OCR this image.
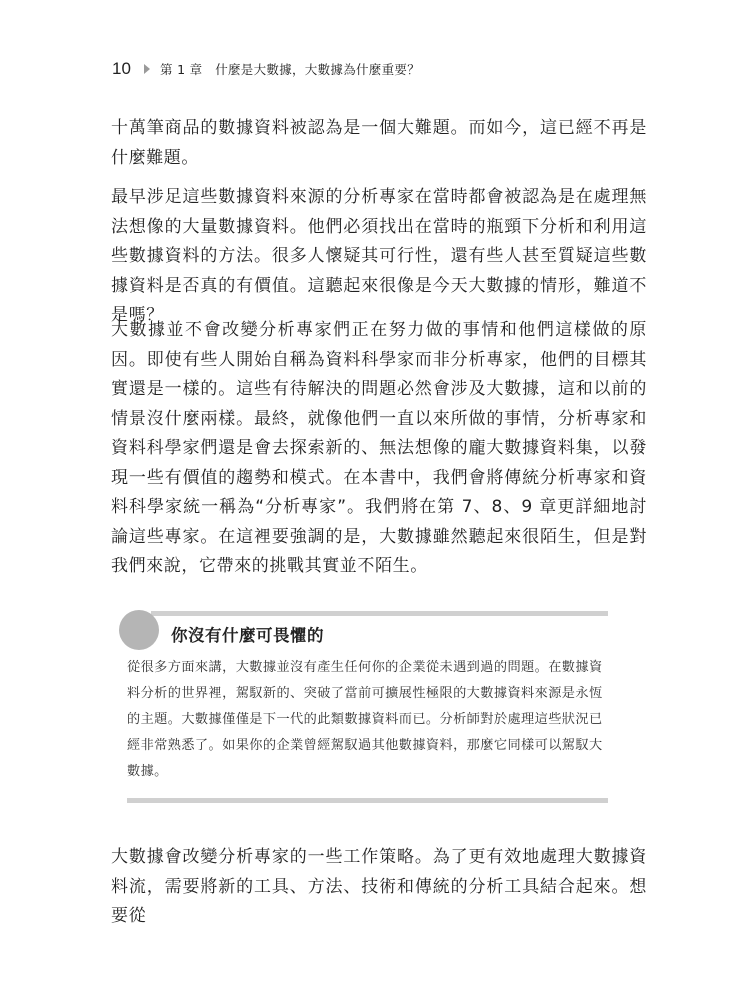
10	第 1 章　什麼是大數據，大數據為什麼重要？

十萬筆商品的數據資料被認為是一個大難題。而如今，這已經不再是什麼難題。

最早涉足這些數據資料來源的分析專家在當時都會被認為是在處理無法想像的大量數據資料。他們必須找出在當時的瓶頸下分析和利用這些數據資料的方法。很多人懷疑其可行性，還有些人甚至質疑這些數據資料是否真的有價值。這聽起來很像是今天大數據的情形，難道不是嗎？

大數據並不會改變分析專家們正在努力做的事情和他們這樣做的原因。即使有些人開始自稱為資料科學家而非分析專家，他們的目標其實還是一樣的。這些有待解決的問題必然會涉及大數據，這和以前的情景沒什麼兩樣。最終，就像他們一直以來所做的事情，分析專家和資料科學家們還是會去探索新的、無法想像的龐大數據資料集，以發現一些有價值的趨勢和模式。在本書中，我們會將傳統分析專家和資料科學家統一稱為“分析專家”。我們將在第 7、8、9 章更詳細地討論這些專家。在這裡要強調的是，大數據雖然聽起來很陌生，但是對我們來說，它帶來的挑戰其實並不陌生。

你沒有什麼可畏懼的

從很多方面來講，大數據並沒有產生任何你的企業從未遇到過的問題。在數據資料分析的世界裡，駕馭新的、突破了當前可擴展性極限的大數據資料來源是永恆的主題。大數據僅僅是下一代的此類數據資料而已。分析師對於處理這些狀況已經非常熟悉了。如果你的企業曾經駕馭過其他數據資料，那麼它同樣可以駕馭大數據。

大數據會改變分析專家的一些工作策略。為了更有效地處理大數據資料流，需要將新的工具、方法、技術和傳統的分析工具結合起來。想要從
